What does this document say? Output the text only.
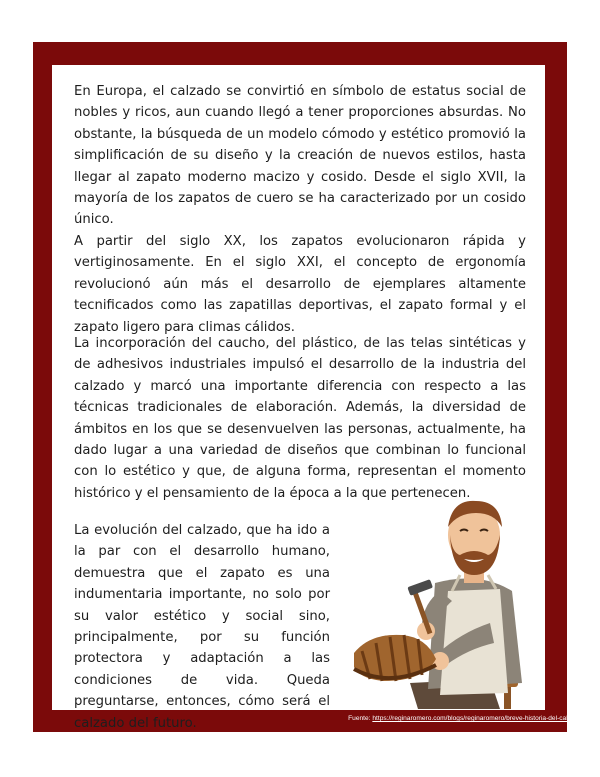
En Europa, el calzado se convirtió en símbolo de estatus social de nobles y ricos, aun cuando llegó a tener proporciones absurdas. No obstante, la búsqueda de un modelo cómodo y estético promovió la simplificación de su diseño y la creación de nuevos estilos, hasta llegar al zapato moderno macizo y cosido. Desde el siglo XVII, la mayoría de los zapatos de cuero se ha caracterizado por un cosido único.

A partir del siglo XX, los zapatos evolucionaron rápida y vertiginosamente. En el siglo XXI, el concepto de ergonomía revolucionó aún más el desarrollo de ejemplares altamente tecnificados como las zapatillas deportivas, el zapato formal y el zapato ligero para climas cálidos.

La incorporación del caucho, del plástico, de las telas sintéticas y de adhesivos industriales impulsó el desarrollo de la industria del calzado y marcó una importante diferencia con respecto a las técnicas tradicionales de elaboración. Además, la diversidad de ámbitos en los que se desenvuelven las personas, actualmente, ha dado lugar a una variedad de diseños que combinan lo funcional con lo estético y que, de alguna forma, representan el momento histórico y el pensamiento de la época a la que pertenecen.

La evolución del calzado, que ha ido a la par con el desarrollo humano, demuestra que el zapato es una indumentaria importante, no solo por su valor estético y social sino, principalmente, por su función protectora y adaptación a las condiciones de vida. Queda preguntarse, entonces, cómo será el calzado del futuro.	Fuente: https://reginaromero.com/blogs/reginaromero/breve-historia-del-calzado
